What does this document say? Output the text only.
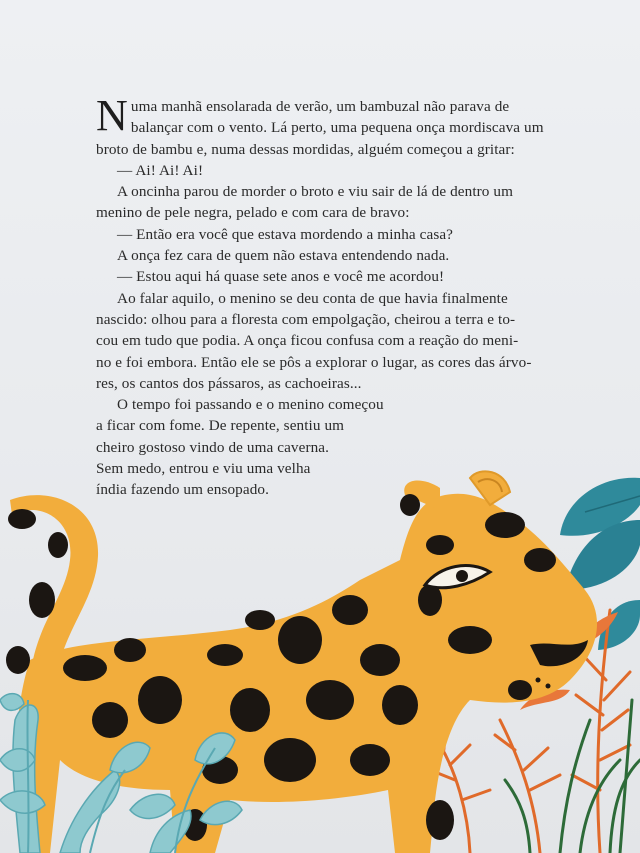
N uma manhã ensolarada de verão, um bambuzal não parava de
balançar com o vento. Lá perto, uma pequena onça mordiscava um
broto de bambu e, numa dessas mordidas, alguém começou a gritar:

— Ai! Ai! Ai!

A oncinha parou de morder o broto e viu sair de lá de dentro um
menino de pele negra, pelado e com cara de bravo:

— Então era você que estava mordendo a minha casa?

A onça fez cara de quem não estava entendendo nada.

— Estou aqui há quase sete anos e você me acordou!

Ao falar aquilo, o menino se deu conta de que havia finalmente
nascido: olhou para a floresta com empolgação, cheirou a terra e to-
cou em tudo que podia. A onça ficou confusa com a reação do meni-
no e foi embora. Então ele se pôs a explorar o lugar, as cores das árvo-
res, os cantos dos pássaros, as cachoeiras...

O tempo foi passando e o menino começou
a ficar com fome. De repente, sentiu um
cheiro gostoso vindo de uma caverna.
Sem medo, entrou e viu uma velha
índia fazendo um ensopado.
